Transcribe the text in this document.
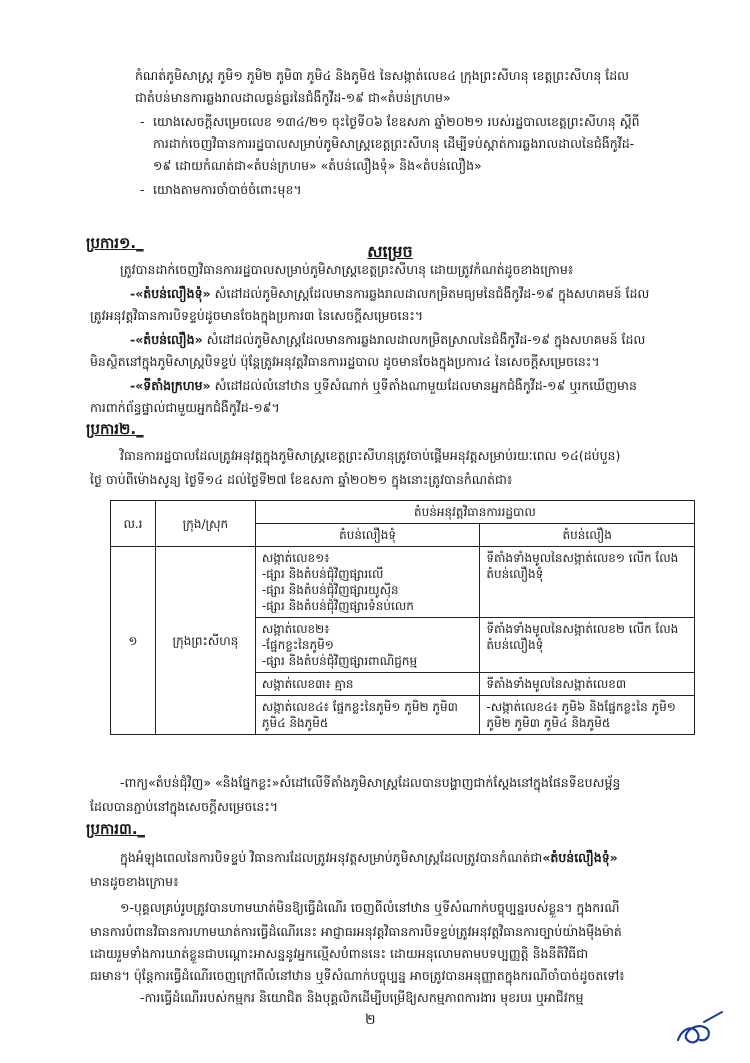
កំណត់ភូមិសាស្ត្រ ភូមិ១ ភូមិ២ ភូមិ៣ ភូមិ៤ និងភូមិ៥ នៃសង្កាត់លេខ៤ ក្រុងព្រះសីហនុ ខេត្តព្រះសីហនុ ដែល

ជាតំបន់មានការឆ្លងរាលដាលធ្ងន់ធ្ងរនៃជំងឺកូវីដ-១៩ ជា«តំបន់ក្រហម»

- យោងសេចក្តីសម្រេចលេខ ១៣៤/២១ ចុះថ្ងៃទី០៦ ខែឧសភា ឆ្នាំ២០២១ របស់រដ្ឋបាលខេត្តព្រះសីហនុ ស្តីពី

ការដាក់ចេញវិធានការរដ្ឋបាលសម្រាប់ភូមិសាស្ត្រខេត្តព្រះសីហនុ ដើម្បីទប់ស្កាត់ការឆ្លងរាលដាលនៃជំងឺកូវីដ-

១៩ ដោយកំណត់ជា«តំបន់ក្រហម» «តំបន់លឿងទុំ» និង«តំបន់លឿង»

- យោងតាមការចាំបាច់ចំពោះមុខ។

សម្រេច

ប្រការ១._

ត្រូវបានដាក់ចេញវិធានការរដ្ឋបាលសម្រាប់ភូមិសាស្ត្រខេត្តព្រះសីហនុ ដោយត្រូវកំណត់ដូចខាងក្រោម៖

-«តំបន់លឿងទុំ» សំដៅដល់ភូមិសាស្ត្រដែលមានការឆ្លងរាលដាលកម្រិតមធ្យមនៃជំងឺកូវីដ-១៩ ក្នុងសហគមន៍ ដែល

ត្រូវអនុវត្តវិធានការបិទខ្ទប់ដូចមានចែងក្នុងប្រការ៣ នៃសេចក្តីសម្រេចនេះ។

-«តំបន់លឿង» សំដៅដល់ភូមិសាស្ត្រដែលមានការឆ្លងរាលដាលកម្រិតស្រាលនៃជំងឺកូវីដ-១៩ ក្នុងសហគមន៍ ដែល

មិនស្ថិតនៅក្នុងភូមិសាស្ត្របិទខ្ទប់ ប៉ុន្តែត្រូវអនុវត្តវិធានការរដ្ឋបាល ដូចមានចែងក្នុងប្រការ៤ នៃសេចក្តីសម្រេចនេះ។

-«ទីតាំងក្រហម» សំដៅដល់លំនៅឋាន ឬទីសំណាក់ ឬទីតាំងណាមួយដែលមានអ្នកជំងឺកូវីដ-១៩ ឬរកឃើញមាន

ការពាក់ព័ន្ធផ្ទាល់ជាមួយអ្នកជំងឺកូវីដ-១៩។

ប្រការ២._

វិធានការរដ្ឋបាលដែលត្រូវអនុវត្តក្នុងភូមិសាស្ត្រខេត្តព្រះសីហនុត្រូវចាប់ផ្តើមអនុវត្តសម្រាប់រយៈពេល ១៤(ដប់បួន)

ថ្ងៃ ចាប់ពីម៉ោងសូន្យ ថ្ងៃទី១៤ ដល់ថ្ងៃទី២៧ ខែឧសភា ឆ្នាំ២០២១ ក្នុងនោះត្រូវបានកំណត់ជា៖

ល.រ	ក្រុង/ស្រុក	តំបន់អនុវត្តវិធានការរដ្ឋបាល	
		តំបន់លឿងទុំ	តំបន់លឿង
១	ក្រុងព្រះសីហនុ	សង្កាត់លេខ១៖
-ផ្សារ និងតំបន់ជុំវិញផ្សារលើ
-ផ្សារ និងតំបន់ជុំវិញផ្សារយូស៊ីន
-ផ្សារ និងតំបន់ជុំវិញផ្សារទំនប់លេក	ទីតាំងទាំងមូលនៃសង្កាត់លេខ១ លើក លែងតំបន់លឿងទុំ

		សង្កាត់លេខ២៖
-ផ្នែកខ្លះនៃភូមិ១
-ផ្សារ និងតំបន់ជុំវិញផ្សារពាណិជ្ជកម្ម	ទីតាំងទាំងមូលនៃសង្កាត់លេខ២ លើក លែងតំបន់លឿងទុំ
		សង្កាត់លេខ៣៖ គ្មាន	ទីតាំងទាំងមូលនៃសង្កាត់លេខ៣
		សង្កាត់លេខ៤៖ ផ្នែកខ្លះនៃភូមិ១ ភូមិ២ ភូមិ៣ ភូមិ៤ និងភូមិ៥	-សង្កាត់លេខ៤៖ ភូមិ៦ និងផ្នែកខ្លះនៃ ភូមិ១ ភូមិ២ ភូមិ៣ ភូមិ៤ និងភូមិ៥

-ពាក្យ«តំបន់ជុំវិញ» «និងផ្នែកខ្លះ»សំដៅលើទីតាំងភូមិសាស្ត្រដែលបានបង្ហាញជាក់ស្តែងនៅក្នុងផែនទីឧបសម្ព័ន្ធ

ដែលបានភ្ជាប់នៅក្នុងសេចក្តីសម្រេចនេះ។

ប្រការ៣._

ក្នុងអំឡុងពេលនៃការបិទខ្ទប់ វិធានការដែលត្រូវអនុវត្តសម្រាប់ភូមិសាស្ត្រដែលត្រូវបានកំណត់ជា«តំបន់លឿងទុំ»

មានដូចខាងក្រោម៖

១-បុគ្គលគ្រប់រូបត្រូវបានហាមឃាត់មិនឱ្យធ្វើដំណើរ ចេញពីលំនៅឋាន ឬទីសំណាក់បច្ចុប្បន្នរបស់ខ្លួន។ ក្នុងករណី

មានការបំពានវិធានការហាមឃាត់ការធ្វើដំណើរនេះ អាជ្ញាធរអនុវត្តវិធានការបិទខ្ទប់ត្រូវអនុវត្តវិធានការច្បាប់យ៉ាងម៉ឺងម៉ាត់

ដោយរួមទាំងការឃាត់ខ្លួនជាបណ្តោះអាសន្ននូវអ្នកល្មើសបំពាននេះ ដោយអនុលោមតាមបទប្បញ្ញត្តិ និងនីតិវិធីជា

ធរមាន។ ប៉ុន្តែការធ្វើដំណើរចេញក្រៅពីលំនៅឋាន ឬទីសំណាក់បច្ចុប្បន្ន អាចត្រូវបានអនុញ្ញាតក្នុងករណីចាំបាច់ដូចតទៅ៖

-ការធ្វើដំណើររបស់កម្មករ និយោជិត និងបុគ្គលិកដើម្បីបម្រើឱ្យសកម្មភាពការងារ មុខរបរ ឬអាជីវកម្ម

២
